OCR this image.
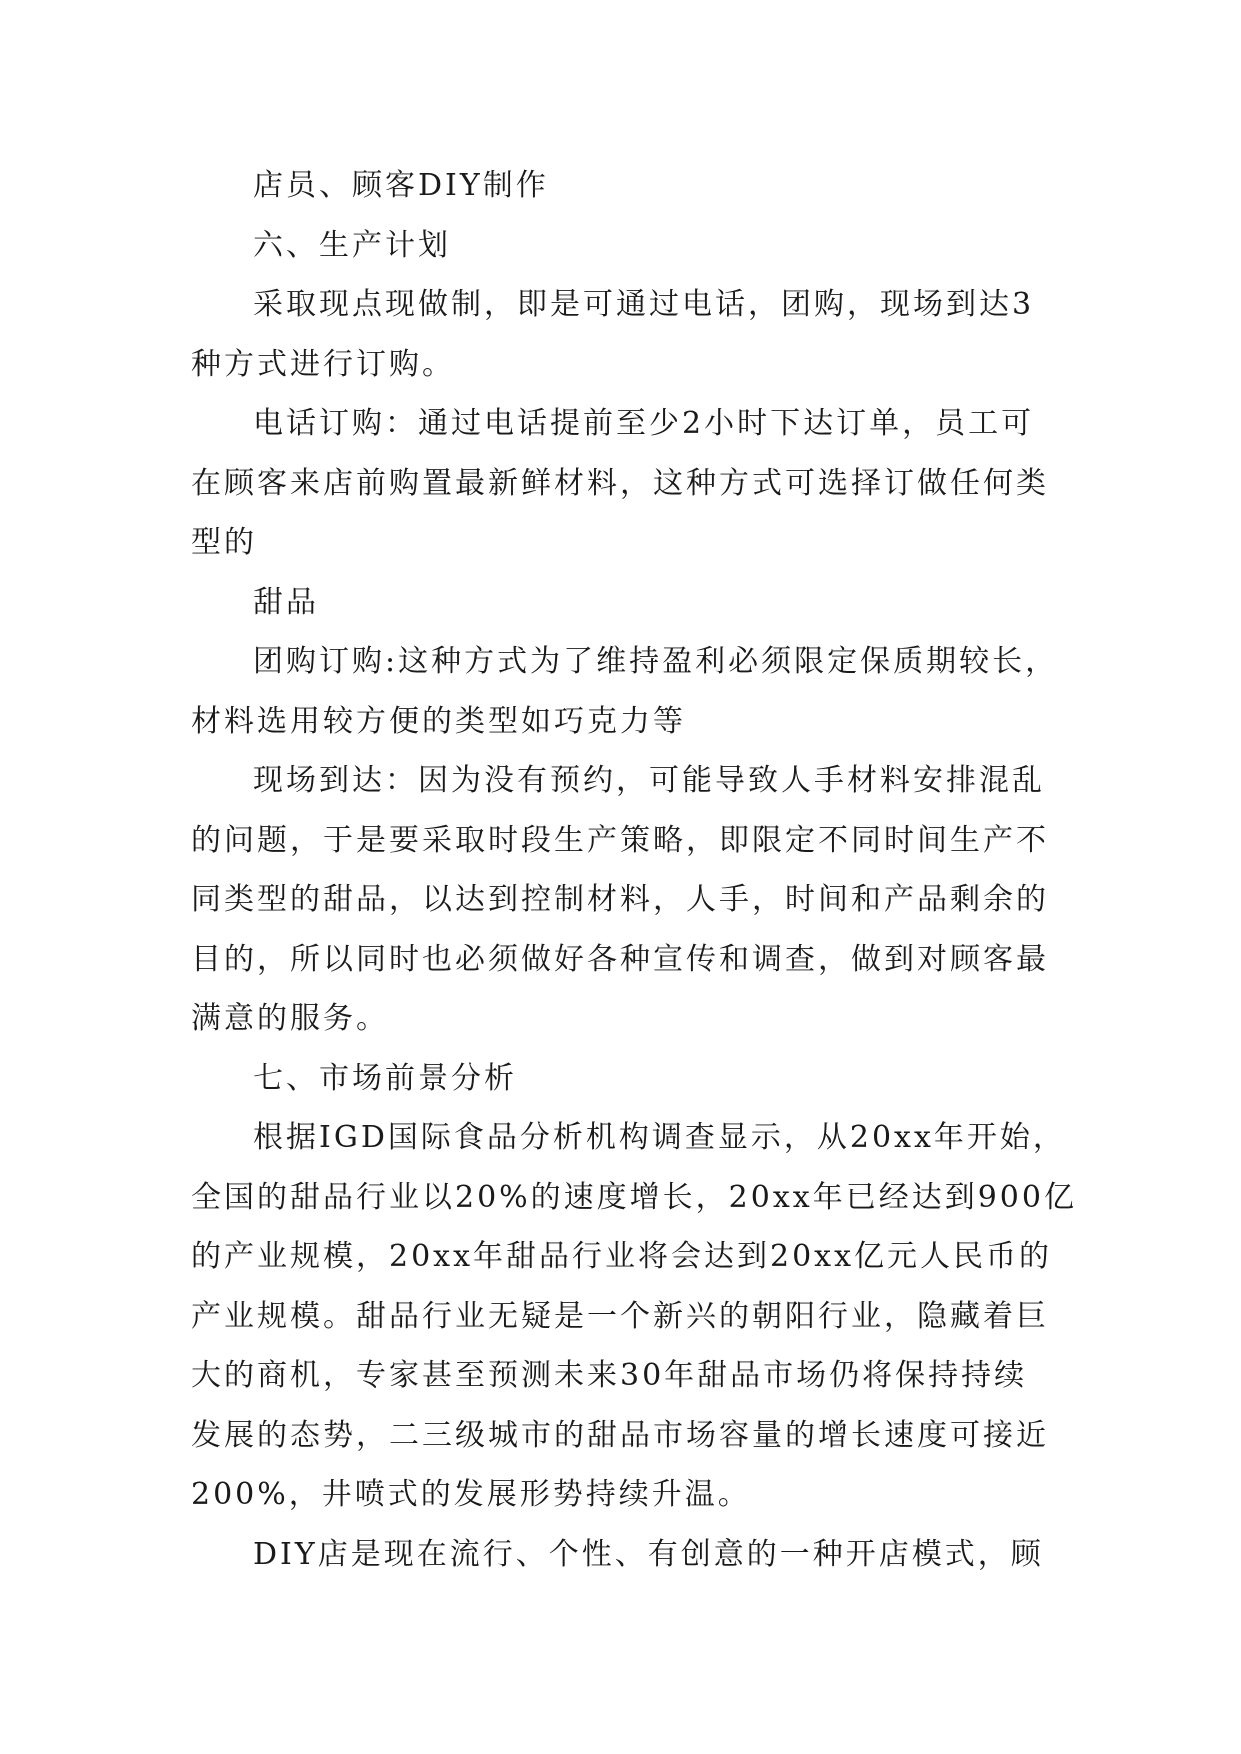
店员、顾客DIY制作
六、生产计划
采取现点现做制，即是可通过电话，团购，现场到达3
种方式进行订购。
电话订购：通过电话提前至少2小时下达订单，员工可
在顾客来店前购置最新鲜材料，这种方式可选择订做任何类
型的
甜品
团购订购:这种方式为了维持盈利必须限定保质期较长，
材料选用较方便的类型如巧克力等
现场到达：因为没有预约，可能导致人手材料安排混乱
的问题，于是要采取时段生产策略，即限定不同时间生产不
同类型的甜品，以达到控制材料，人手，时间和产品剩余的
目的，所以同时也必须做好各种宣传和调查，做到对顾客最
满意的服务。
七、市场前景分析
根据IGD国际食品分析机构调查显示，从20xx年开始，
全国的甜品行业以20%的速度增长，20xx年已经达到900亿
的产业规模，20xx年甜品行业将会达到20xx亿元人民币的
产业规模。甜品行业无疑是一个新兴的朝阳行业，隐藏着巨
大的商机，专家甚至预测未来30年甜品市场仍将保持持续
发展的态势，二三级城市的甜品市场容量的增长速度可接近
200%，井喷式的发展形势持续升温。
DIY店是现在流行、个性、有创意的一种开店模式，顾
